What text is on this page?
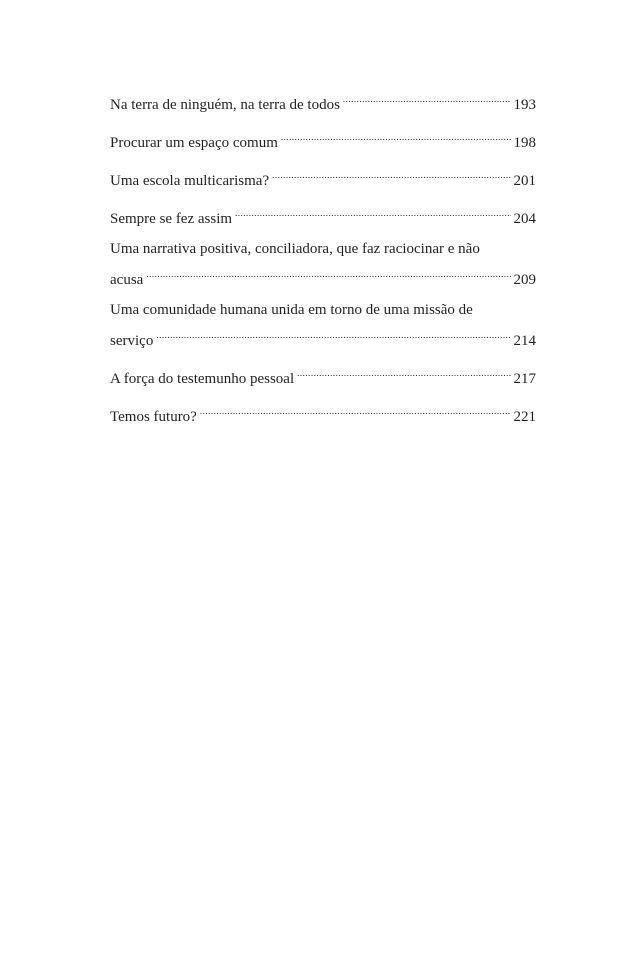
Na terra de ninguém, na terra de todos .....	193
Procurar um espaço comum .....	198
Uma escola multicarisma? .....	201
Sempre se fez assim .....	204
Uma narrativa positiva, conciliadora, que faz raciocinar e não
acusa .....	209
Uma comunidade humana unida em torno de uma missão de
serviço .....	214
A força do testemunho pessoal .....	217
Temos futuro? .....	221
